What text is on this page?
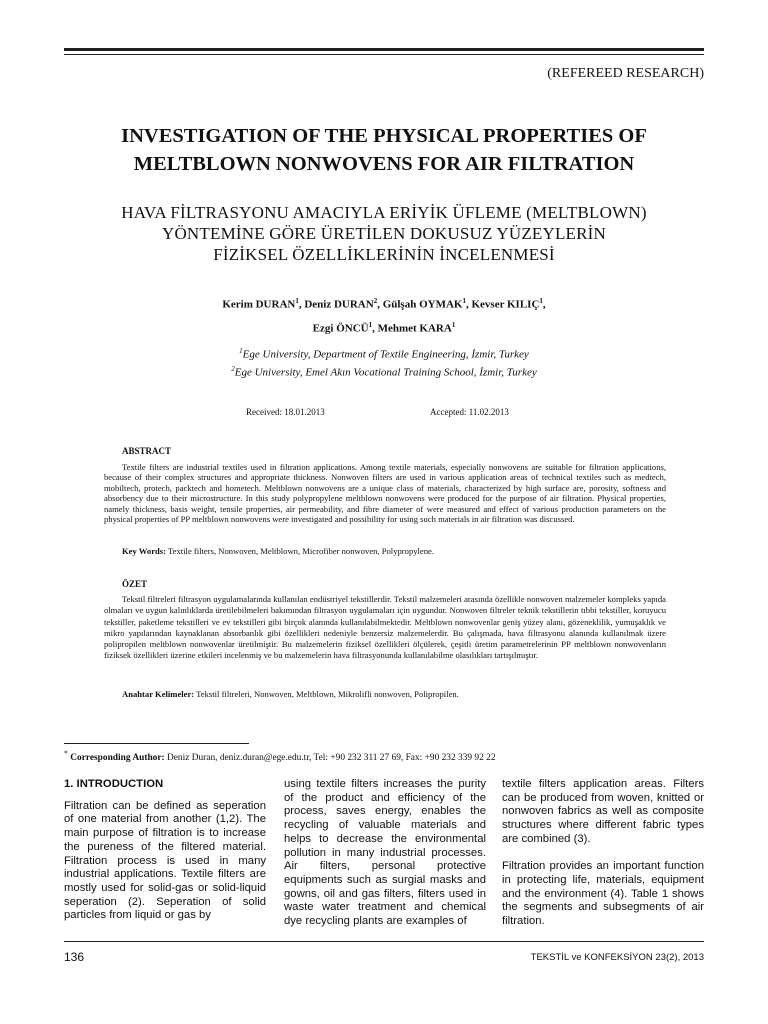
(REFEREED RESEARCH)
INVESTIGATION OF THE PHYSICAL PROPERTIES OF
MELTBLOWN NONWOVENS FOR AIR FILTRATION
HAVA FİLTRASYONU AMACIYLA ERİYİK ÜFLEME (MELTBLOWN)
YÖNTEMİNE GÖRE ÜRETİLEN DOKUSUZ YÜZEYLERİN
FİZİKSEL ÖZELLİKLERİNİN İNCELENMESİ
Kerim DURAN$^1$, Deniz DURAN$^2$, Gülşah OYMAK$^1$, Kevser KILIÇ$^1$,
Ezgi ÖNCÜ$^1$, Mehmet KARA$^1$
$^1$Ege University, Department of Textile Engineering, İzmir, Turkey
$^2$Ege University, Emel Akın Vocational Training School, İzmir, Turkey
Received: 18.01.2013	Accepted: 11.02.2013
ABSTRACT
Textile filters are industrial textiles used in filtration applications. Among textile materials, especially nonwovens are suitable for filtration applications, because of their complex structures and appropriate thickness. Nonwoven filters are used in various application areas of technical textiles such as medtech, mobiltech, protech, packtech and hometech. Meltblown nonwovens are a unique class of materials, characterized by high surface are, porosity, softness and absorbency due to their microstructure. In this study polypropylene meltblown nonwovens were produced for the purpose of air filtration. Physical properties, namely thickness, basis weight, tensile properties, air permeability, and fibre diameter of were measured and effect of various production parameters on the physical properties of PP meltblown nonwovens were investigated and possibility for using such materials in air filtration was discussed.
Key Words: Textile filters, Nonwoven, Meltblown, Microfiber nonwoven, Polypropylene.
ÖZET
Tekstil filtreleri filtrasyon uygulamalarında kullanılan endüstriyel tekstillerdir. Tekstil malzemeleri arasında özellikle nonwoven malzemeler kompleks yapıda olmaları ve uygun kalınlıklarda üretilebilmeleri bakımından filtrasyon uygulamaları için uygundur. Nonwoven filtreler teknik tekstillerin tıbbi tekstiller, koruyucu tekstiller, paketleme tekstilleri ve ev tekstilleri gibi birçok alanında kullanılabilmektedir. Meltblown nonwovenlar geniş yüzey alanı, gözeneklilik, yumuşaklık ve mikro yapılarından kaynaklanan absorbanlık gibi özellikleri nedeniyle benzersiz malzemelerdir. Bu çalışmada, hava filtrasyonu alanında kullanılmak üzere polipropilen meltblown nonwovenlar üretilmiştir. Bu malzemelerin fiziksel özellikleri ölçülerek, çeşitli üretim parametrelerinin PP meltblown nonwovenların fiziksek özellikleri üzerine etkileri incelenmiş ve bu malzemelerin hava filtrasyonunda kullanılabilme olasılıkları tartışılmıştır.
Anahtar Kelimeler: Tekstil filtreleri, Nonwoven, Meltblown, Mikrolifli nonwoven, Polipropilen.
* Corresponding Author: Deniz Duran, deniz.duran@ege.edu.tr, Tel: +90 232 311 27 69, Fax: +90 232 339 92 22
1. INTRODUCTION

Filtration can be defined as seperation of one material from another (1,2). The main purpose of filtration is to increase the pureness of the filtered material. Filtration process is used in many industrial applications. Textile filters are mostly used for solid-gas or solid-liquid seperation (2). Seperation of solid particles from liquid or gas by

using textile filters increases the purity of the product and efficiency of the process, saves energy, enables the recycling of valuable materials and helps to decrease the environmental pollution in many industrial processes. Air filters, personal protective equipments such as surgial masks and gowns, oil and gas filters, filters used in waste water treatment and chemical dye recycling plants are examples of

textile filters application areas. Filters can be produced from woven, knitted or nonwoven fabrics as well as composite structures where different fabric types are combined (3).

Filtration provides an important function in protecting life, materials, equipment and the environment (4). Table 1 shows the segments and subsegments of air filtration.

136	TEKSTİL ve KONFEKSİYON 23(2), 2013
